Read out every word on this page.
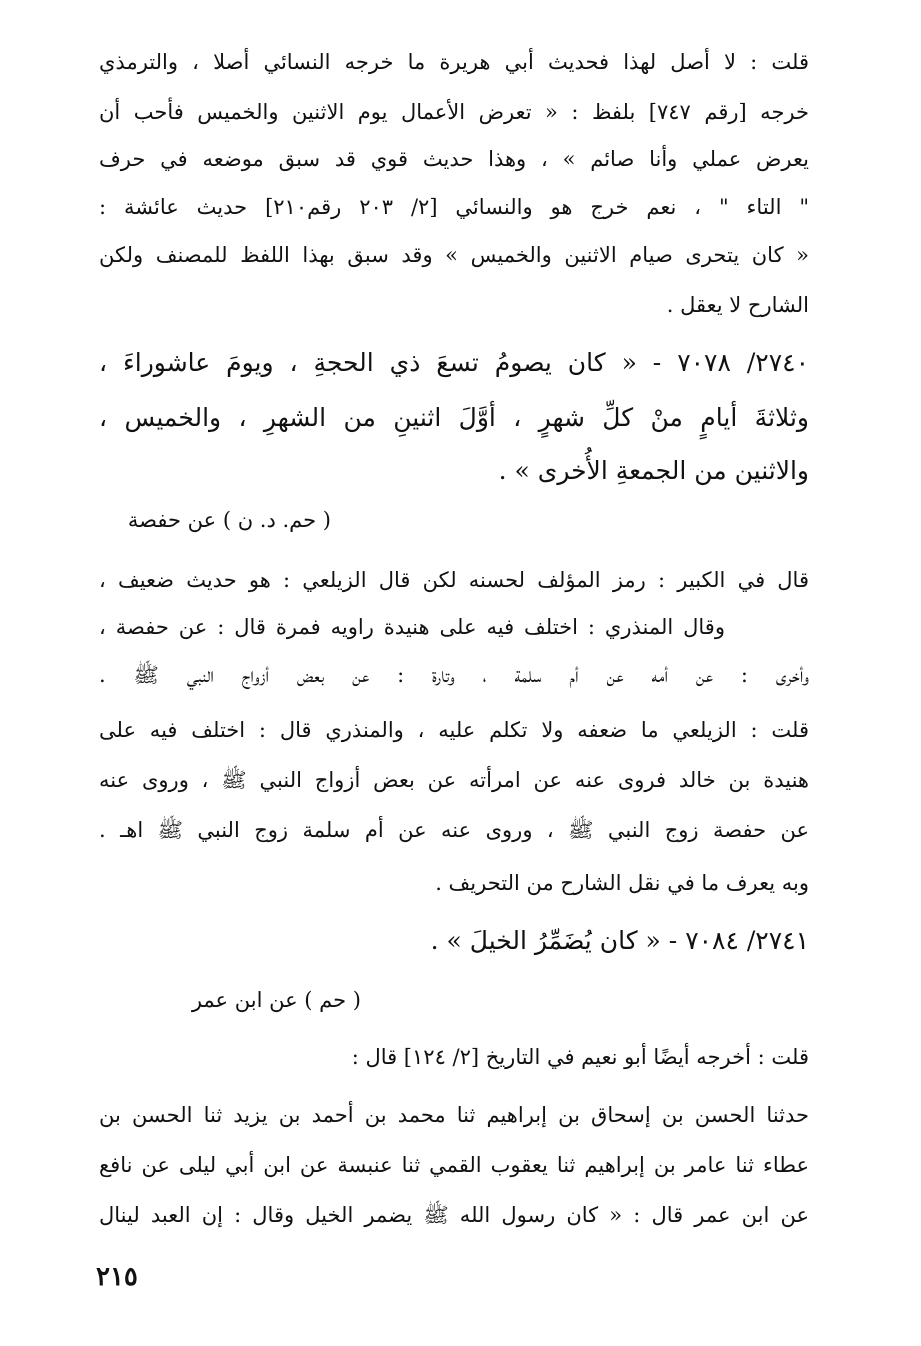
قلت : لا أصل لهذا فحديث أبي هريرة ما خرجه النسائي أصلا ، والترمذي
خرجه [رقم ٧٤٧] بلفظ : « تعرض الأعمال يوم الاثنين والخميس فأحب أن
يعرض عملي وأنا صائم » ، وهذا حديث قوي قد سبق موضعه في حرف
" التاء " ، نعم خرج هو والنسائي [٢/ ٢٠٣ رقم٢١٠] حديث عائشة :
« كان يتحرى صيام الاثنين والخميس » وقد سبق بهذا اللفظ للمصنف ولكن
الشارح لا يعقل .
٢٧٤٠/ ٧٠٧٨ - « كان يصومُ تسعَ ذي الحجةِ ، ويومَ عاشوراءَ ،
وثلاثةَ أيامٍ منْ كلِّ شهرٍ ، أوَّلَ اثنينِ من الشهرِ ، والخميس ،
والاثنين من الجمعةِ الأُخرى » .
( حم. د. ن ) عن حفصة
قال في الكبير : رمز المؤلف لحسنه لكن قال الزيلعي : هو حديث ضعيف ،
وقال المنذري : اختلف فيه على هنيدة راويه فمرة قال : عن حفصة ،
وأخرى : عن أمه عن أم سلمة ، وتارة : عن بعض أزواج النبي ﷺ .
قلت : الزيلعي ما ضعفه ولا تكلم عليه ، والمنذري قال : اختلف فيه على
هنيدة بن خالد فروى عنه عن امرأته عن بعض أزواج النبي ﷺ ، وروى عنه
عن حفصة زوج النبي ﷺ ، وروى عنه عن أم سلمة زوج النبي ﷺ اهـ .
وبه يعرف ما في نقل الشارح من التحريف .
٢٧٤١/ ٧٠٨٤ - « كان يُضَمِّرُ الخيلَ » .
( حم ) عن ابن عمر
قلت : أخرجه أيضًا أبو نعيم في التاريخ [٢/ ١٢٤] قال :
حدثنا الحسن بن إسحاق بن إبراهيم ثنا محمد بن أحمد بن يزيد ثنا الحسن بن
عطاء ثنا عامر بن إبراهيم ثنا يعقوب القمي ثنا عنبسة عن ابن أبي ليلى عن نافع
عن ابن عمر قال : « كان رسول الله ﷺ يضمر الخيل وقال : إن العبد لينال
٢١٥
